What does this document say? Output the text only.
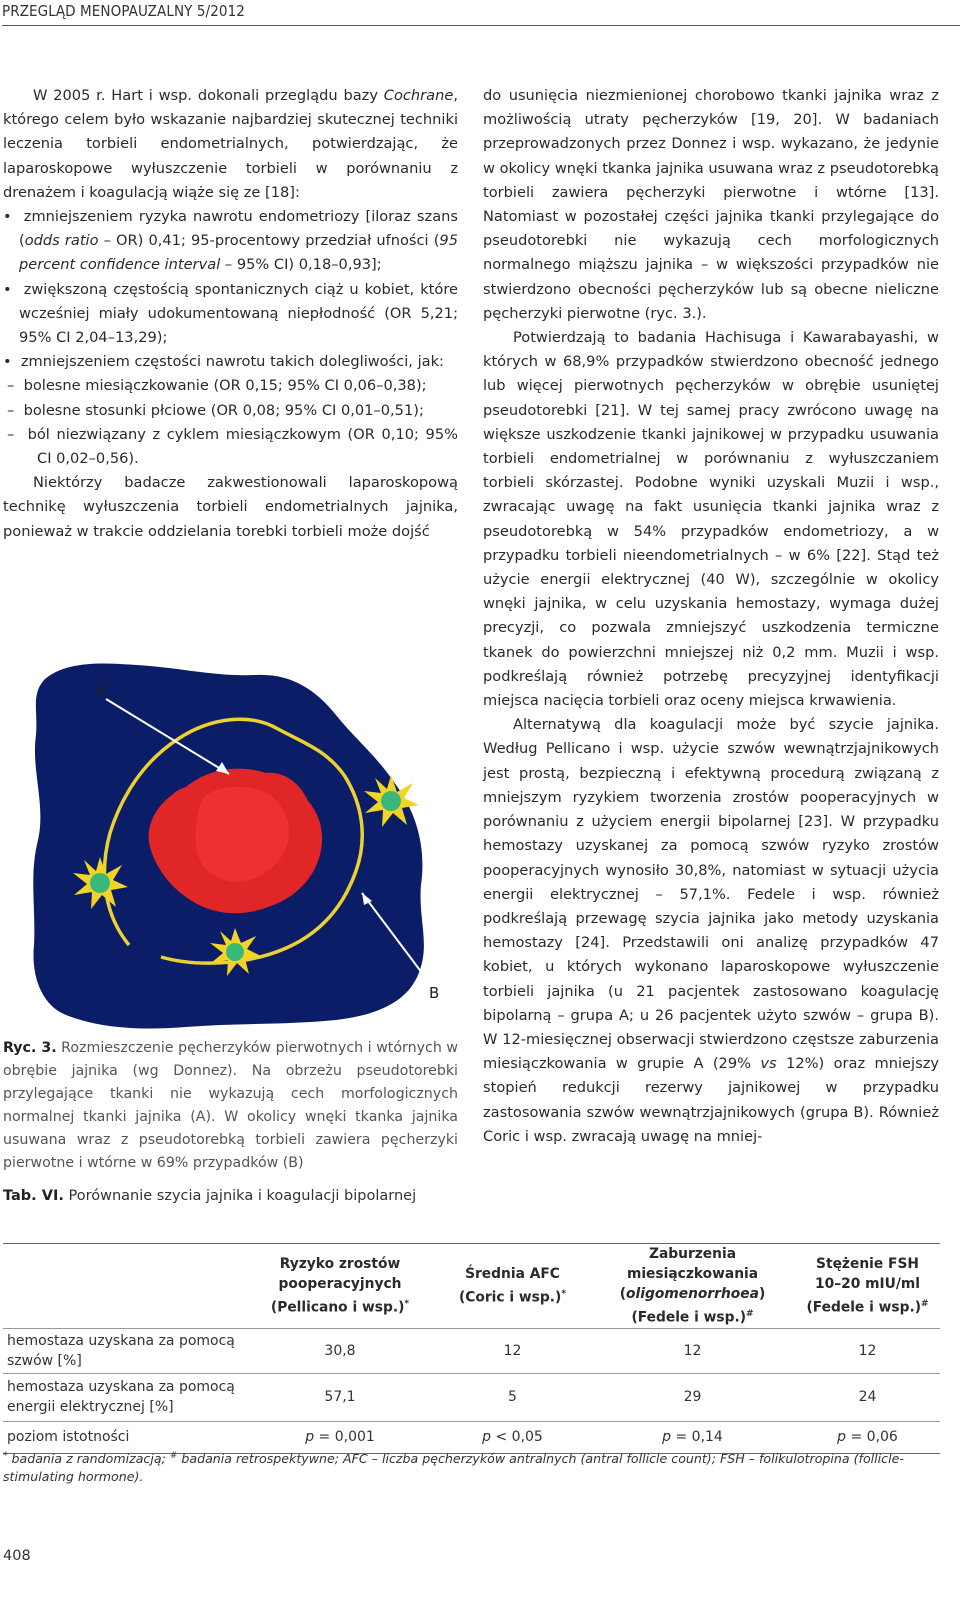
PRZEGLĄD MENOPAUZALNY 5/2012

W 2005 r. Hart i wsp. dokonali przeglądu bazy Cochrane, którego celem było wskazanie najbardziej skutecznej techniki leczenia torbieli endometrialnych, potwierdzając, że laparoskopowe wyłuszczenie torbieli w porównaniu z drenażem i koagulacją wiąże się ze [18]:

•  zmniejszeniem ryzyka nawrotu endometriozy [iloraz szans (odds ratio – OR) 0,41; 95-procentowy przedział ufności (95 percent confidence interval – 95% CI) 0,18–0,93];

•  zwiększoną częstością spontanicznych ciąż u kobiet, które wcześniej miały udokumentowaną niepłodność (OR 5,21; 95% CI 2,04–13,29);

•  zmniejszeniem częstości nawrotu takich dolegliwości, jak:

–  bolesne miesiączkowanie (OR 0,15; 95% CI 0,06–0,38);

–  bolesne stosunki płciowe (OR 0,08; 95% CI 0,01–0,51);

–  ból niezwiązany z cyklem miesiączkowym (OR 0,10; 95% CI 0,02–0,56).

Niektórzy badacze zakwestionowali laparoskopową technikę wyłuszczenia torbieli endometrialnych jajnika, ponieważ w trakcie oddzielania torebki torbieli może dojść

A
B
Ryc. 3. Rozmieszczenie pęcherzyków pierwotnych i wtórnych w obrębie jajnika (wg Donnez). Na obrzeżu pseudotorebki przylegające tkanki nie wykazują cech morfologicznych normalnej tkanki jajnika (A). W okolicy wnęki tkanka jajnika usuwana wraz z pseudotorebką torbieli zawiera pęcherzyki pierwotne i wtórne w 69% przypadków (B)

do usunięcia niezmienionej chorobowo tkanki jajnika wraz z możliwością utraty pęcherzyków [19, 20]. W badaniach przeprowadzonych przez Donnez i wsp. wykazano, że jedynie w okolicy wnęki tkanka jajnika usuwana wraz z pseudotorebką torbieli zawiera pęcherzyki pierwotne i wtórne [13]. Natomiast w pozostałej części jajnika tkanki przylegające do pseudotorebki nie wykazują cech morfologicznych normalnego miąższu jajnika – w większości przypadków nie stwierdzono obecności pęcherzyków lub są obecne nieliczne pęcherzyki pierwotne (ryc. 3.).

Potwierdzają to badania Hachisuga i Kawarabayashi, w których w 68,9% przypadków stwierdzono obecność jednego lub więcej pierwotnych pęcherzyków w obrębie usuniętej pseudotorebki [21]. W tej samej pracy zwrócono uwagę na większe uszkodzenie tkanki jajnikowej w przypadku usuwania torbieli endometrialnej w porównaniu z wyłuszczaniem torbieli skórzastej. Podobne wyniki uzyskali Muzii i wsp., zwracając uwagę na fakt usunięcia tkanki jajnika wraz z pseudotorebką w 54% przypadków endometriozy, a w przypadku torbieli nieendometrialnych – w 6% [22]. Stąd też użycie energii elektrycznej (40 W), szczególnie w okolicy wnęki jajnika, w celu uzyskania hemostazy, wymaga dużej precyzji, co pozwala zmniejszyć uszkodzenia termiczne tkanek do powierzchni mniejszej niż 0,2 mm. Muzii i wsp. podkreślają również potrzebę precyzyjnej identyfikacji miejsca nacięcia torbieli oraz oceny miejsca krwawienia.

Alternatywą dla koagulacji może być szycie jajnika. Według Pellicano i wsp. użycie szwów wewnątrzjajnikowych jest prostą, bezpieczną i efektywną procedurą związaną z mniejszym ryzykiem tworzenia zrostów pooperacyjnych w porównaniu z użyciem energii bipolarnej [23]. W przypadku hemostazy uzyskanej za pomocą szwów ryzyko zrostów pooperacyjnych wynosiło 30,8%, natomiast w sytuacji użycia energii elektrycznej – 57,1%. Fedele i wsp. również podkreślają przewagę szycia jajnika jako metody uzyskania hemostazy [24]. Przedstawili oni analizę przypadków 47 kobiet, u których wykonano laparoskopowe wyłuszczenie torbieli jajnika (u 21 pacjentek zastosowano koagulację bipolarną – grupa A; u 26 pacjentek użyto szwów – grupa B). W 12-miesięcznej obserwacji stwierdzono częstsze zaburzenia miesiączkowania w grupie A (29% vs 12%) oraz mniejszy stopień redukcji rezerwy jajnikowej w przypadku zastosowania szwów wewnątrzjajnikowych (grupa B). Również Coric i wsp. zwracają uwagę na mniej-

Tab. VI. Porównanie szycia jajnika i koagulacji bipolarnej
	Ryzyko zrostów
pooperacyjnych
(Pellicano i wsp.)*	Średnia AFC
(Coric i wsp.)*	Zaburzenia miesiączkowania
(oligomenorrhoea)
(Fedele i wsp.)#	Stężenie FSH
10–20 mIU/ml
(Fedele i wsp.)#
hemostaza uzyskana za pomocą szwów [%]	30,8	12	12	12
hemostaza uzyskana za pomocą energii elektrycznej [%]	57,1	5	29	24
poziom istotności	p = 0,001	p < 0,05	p = 0,14	p = 0,06
* badania z randomizacją; # badania retrospektywne; AFC – liczba pęcherzyków antralnych (antral follicle count); FSH – folikulotropina (follicle-stimulating hormone).
408
